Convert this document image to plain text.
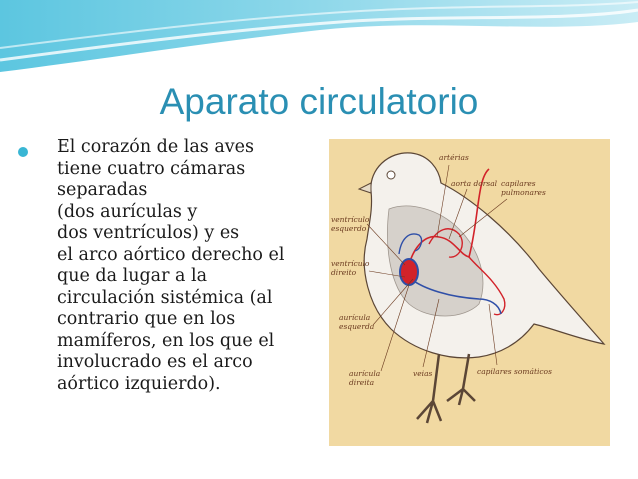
Aparato circulatorio
El corazón de las aves
tiene cuatro cámaras
separadas
(dos aurículas y
dos ventrículos) y es
el arco aórtico derecho el
que da lugar a la
circulación sistémica (al
contrario que en los
mamíferos, en los que el
involucrado es el arco
aórtico izquierdo).
artérias
aorta dorsal capilares
pulmonares
ventrículo
esquerdo
ventrículo
direito
aurícula
esquerda
aurícula
direita
veias	capilares somáticos
